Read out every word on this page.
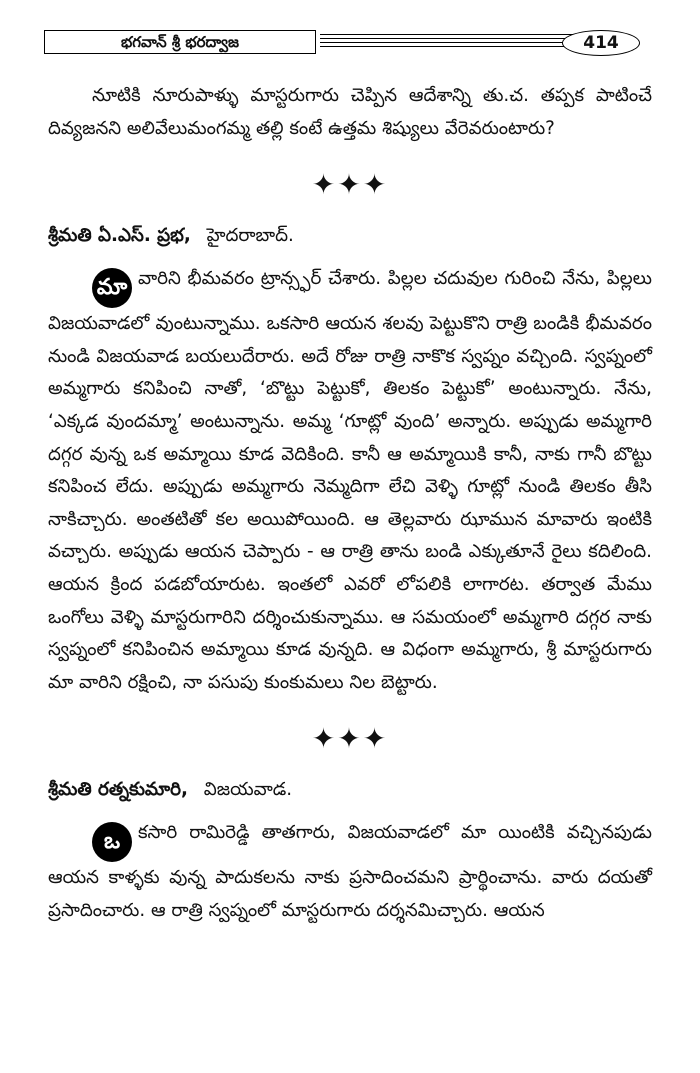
భగవాన్ శ్రీ భరద్వాజ	414

నూటికి నూరుపాళ్ళు మాస్టరుగారు చెప్పిన ఆదేశాన్ని తు.చ. తప్పక పాటించే దివ్యజనని అలివేలుమంగమ్మ తల్లి కంటే ఉత్తమ శిష్యులు వేరెవరుంటారు?

✦✦✦
శ్రీమతి ఏ.ఎస్. ప్రభ, హైదరాబాద్.

మా వారిని భీమవరం ట్రాన్స్ఫర్ చేశారు. పిల్లల చదువుల గురించి నేను, పిల్లలు విజయవాడలో వుంటున్నాము. ఒకసారి ఆయన శలవు పెట్టుకొని రాత్రి బండికి భీమవరం నుండి విజయవాడ బయలుదేరారు. అదే రోజు రాత్రి నాకొక స్వప్నం వచ్చింది. స్వప్నంలో అమ్మగారు కనిపించి నాతో, ‘బొట్టు పెట్టుకో, తిలకం పెట్టుకో’ అంటున్నారు. నేను, ‘ఎక్కడ వుందమ్మా’ అంటున్నాను. అమ్మ ‘గూట్లో వుంది’ అన్నారు. అప్పుడు అమ్మగారి దగ్గర వున్న ఒక అమ్మాయి కూడ వెదికింది. కానీ ఆ అమ్మాయికి కానీ, నాకు గానీ బొట్టు కనిపించ లేదు. అప్పుడు అమ్మగారు నెమ్మదిగా లేచి వెళ్ళి గూట్లో నుండి తిలకం తీసి నాకిచ్చారు. అంతటితో కల అయిపోయింది. ఆ తెల్లవారు ఝామున మావారు ఇంటికి వచ్చారు. అప్పుడు ఆయన చెప్పారు - ఆ రాత్రి తాను బండి ఎక్కుతూనే రైలు కదిలింది. ఆయన క్రింద పడబోయారుట. ఇంతలో ఎవరో లోపలికి లాగారట. తర్వాత మేము ఒంగోలు వెళ్ళి మాస్టరుగారిని దర్శించుకున్నాము. ఆ సమయంలో అమ్మగారి దగ్గర నాకు స్వప్నంలో కనిపించిన అమ్మాయి కూడ వున్నది. ఆ విధంగా అమ్మగారు, శ్రీ మాస్టరుగారు మా వారిని రక్షించి, నా పసుపు కుంకుమలు నిల బెట్టారు.

✦✦✦
శ్రీమతి రత్నకుమారి, విజయవాడ.

ఒ కసారి రామిరెడ్డి తాతగారు, విజయవాడలో మా యింటికి వచ్చినపుడు ఆయన కాళ్ళకు వున్న పాదుకలను నాకు ప్రసాదించమని ప్రార్థించాను. వారు దయతో ప్రసాదించారు. ఆ రాత్రి స్వప్నంలో మాస్టరుగారు దర్శనమిచ్చారు. ఆయన
